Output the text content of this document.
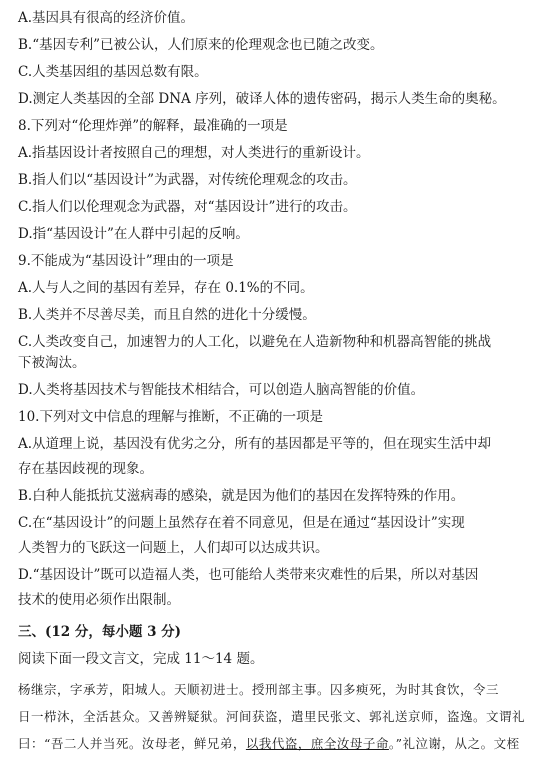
A.基因具有很高的经济价值。
B.“基因专利”已被公认，人们原来的伦理观念也已随之改变。
C.人类基因组的基因总数有限。
D.测定人类基因的全部 DNA 序列，破译人体的遗传密码，揭示人类生命的奥秘。
8.下列对“伦理炸弹”的解释，最准确的一项是
A.指基因设计者按照自己的理想，对人类进行的重新设计。
B.指人们以“基因设计”为武器，对传统伦理观念的攻击。
C.指人们以伦理观念为武器，对“基因设计”进行的攻击。
D.指“基因设计”在人群中引起的反响。
9.不能成为“基因设计”理由的一项是
A.人与人之间的基因有差异，存在 0.1%的不同。
B.人类并不尽善尽美，而且自然的进化十分缓慢。
C.人类改变自己，加速智力的人工化，以避免在人造新物种和机器高智能的挑战
下被淘汰。
D.人类将基因技术与智能技术相结合，可以创造人脑高智能的价值。
10.下列对文中信息的理解与推断，不正确的一项是
A.从道理上说，基因没有优劣之分，所有的基因都是平等的，但在现实生活中却
存在基因歧视的现象。
B.白种人能抵抗艾滋病毒的感染，就是因为他们的基因在发挥特殊的作用。
C.在“基因设计”的问题上虽然存在着不同意见，但是在通过“基因设计”实现
人类智力的飞跃这一问题上，人们却可以达成共识。
D.“基因设计”既可以造福人类，也可能给人类带来灾难性的后果，所以对基因
技术的使用必须作出限制。
三、(12 分，每小题 3 分)
阅读下面一段文言文，完成 11～14 题。
杨继宗，字承芳，阳城人。天顺初进士。授刑部主事。囚多瘐死，为时其食饮，令三
日一栉沐，全活甚众。又善辨疑狱。河间获盗，遣里民张文、郭礼送京师，盗逸。文谓礼
曰：“吾二人并当死。汝母老，鲜兄弟，以我代盗，庶全汝母子命。”礼泣谢，从之。文桎
